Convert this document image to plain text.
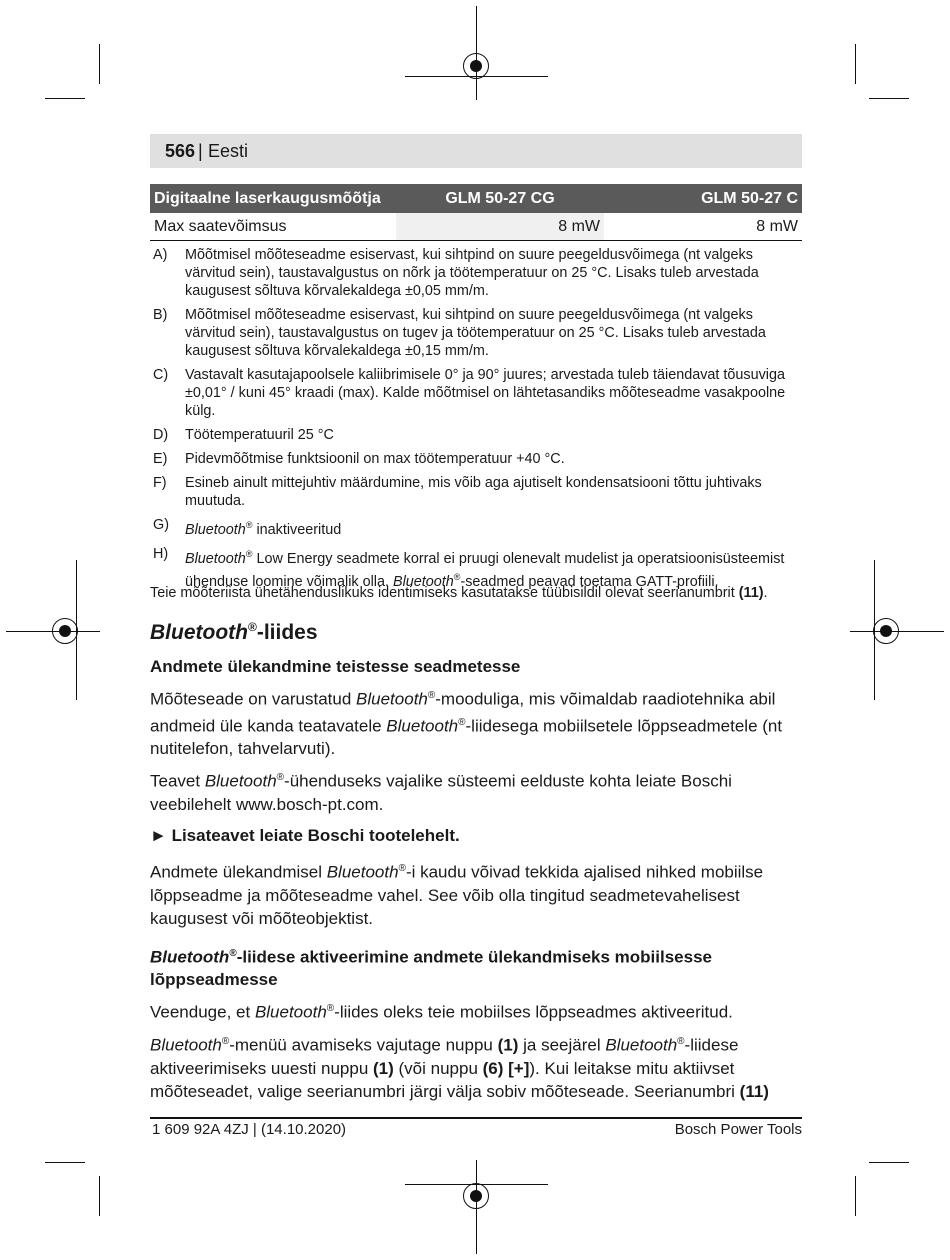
566 | Eesti
Digitaalne laserkaugusmõõtja	GLM 50-27 CG	GLM 50-27 C
Max saatevõimsus	8 mW	8 mW
A)	Mõõtmisel mõõteseadme esiservast, kui sihtpind on suure peegeldusvõimega (nt valgeks värvitud sein), taustavalgustus on nõrk ja töötemperatuur on 25 °C. Lisaks tuleb arvestada kaugusest sõltuva kõrvalekaldega ±0,05 mm/m.
B)	Mõõtmisel mõõteseadme esiservast, kui sihtpind on suure peegeldusvõimega (nt valgeks värvitud sein), taustavalgustus on tugev ja töötemperatuur on 25 °C. Lisaks tuleb arvestada kaugusest sõltuva kõrvalekaldega ±0,15 mm/m.
C)	Vastavalt kasutajapoolsele kaliibrimisele 0° ja 90° juures; arvestada tuleb täiendavat tõusuviga ±0,01° / kuni 45° kraadi (max). Kalde mõõtmisel on lähtetasandiks mõõteseadme vasakpoolne külg.
D)	Töötemperatuuril 25 °C
E)	Pidevmõõtmise funktsioonil on max töötemperatuur +40 °C.
F)	Esineb ainult mittejuhtiv määrdumine, mis võib aga ajutiselt kondensatsiooni tõttu juhtivaks muutuda.
G)	Bluetooth® inaktiveeritud
H)	Bluetooth® Low Energy seadmete korral ei pruugi olenevalt mudelist ja operatsioonisüsteemist ühenduse loomine võimalik olla. Bluetooth®-seadmed peavad toetama GATT-profiili.
Teie mõõteriista ühetähenduslikuks identimiseks kasutatakse tüübisildil olevat seerianumbrit (11).
Bluetooth®-liides
Andmete ülekandmine teistesse seadmetesse

Mõõteseade on varustatud Bluetooth®-mooduliga, mis võimaldab raadiotehnika abil andmeid üle kanda teatavatele Bluetooth®-liidesega mobiilsetele lõppseadmetele (nt nutitelefon, tahvelarvuti).

Teavet Bluetooth®-ühenduseks vajalike süsteemi eelduste kohta leiate Boschi veebilehelt www.bosch-pt.com.

► Lisateavet leiate Boschi tootelehelt.

Andmete ülekandmisel Bluetooth®-i kaudu võivad tekkida ajalised nihked mobiilse lõppseadme ja mõõteseadme vahel. See võib olla tingitud seadmetevahelisest kaugusest või mõõteobjektist.

Bluetooth®-liidese aktiveerimine andmete ülekandmiseks mobiilsesse lõppseadmesse

Veenduge, et Bluetooth®-liides oleks teie mobiilses lõppseadmes aktiveeritud.

Bluetooth®-menüü avamiseks vajutage nuppu (1) ja seejärel Bluetooth®-liidese aktiveerimiseks uuesti nuppu (1) (või nuppu (6) [+]). Kui leitakse mitu aktiivset mõõteseadet, valige seerianumbri järgi välja sobiv mõõteseade. Seerianumbri (11)

1 609 92A 4ZJ | (14.10.2020)	Bosch Power Tools
